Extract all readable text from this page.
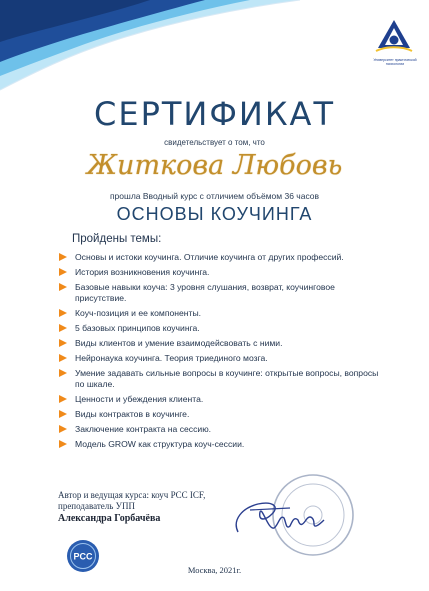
Университет практической психологии
СЕРТИФИКАТ
свидетельствует о том, что
Житкова Любовь
прошла Вводный курс с отличием объёмом 36 часов
ОСНОВЫ КОУЧИНГА
Пройдены темы:
Основы и истоки коучинга. Отличие коучинга от других профессий.
История возникновения коучинга.
Базовые навыки коуча: 3 уровня слушания, возврат, коучинговое присутствие.
Коуч-позиция и ее компоненты.
5 базовых принципов коучинга.
Виды клиентов и умение взаимодейсвовать с ними.
Нейронаука коучинга. Теория триединого мозга.
Умение задавать сильные вопросы в коучинге: открытые вопросы, вопросы по шкале.
Ценности и убеждения клиента.
Виды контрактов в коучинге.
Заключение контракта на сессию.
Модель GROW как структура коуч-сессии.
Автор и ведущая курса: коуч PCC ICF,
преподаватель УПП
Александра Горбачёва
PCC
Москва, 2021г.
